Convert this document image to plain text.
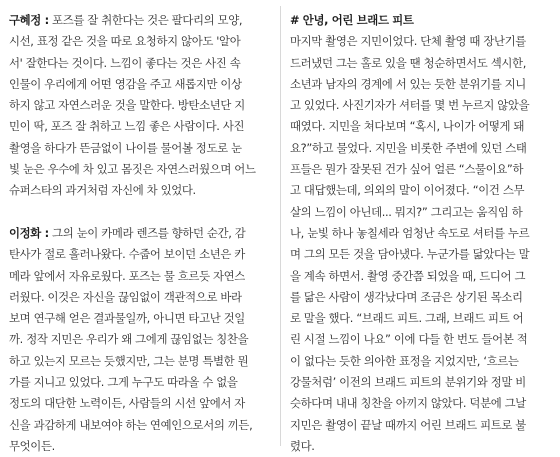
구혜정 : 포즈를 잘 취한다는 것은 팔다리의 모양,
시선, 표정 같은 것을 따로 요청하지 않아도 '알아
서' 잘한다는 것이다. 느낌이 좋다는 것은 사진 속
인물이 우리에게 어떤 영감을 주고 새롭지만 이상
하지 않고 자연스러운 것을 말한다. 방탄소년단 지
민이 딱, 포즈 잘 취하고 느낌 좋은 사람이다. 사진
촬영을 하다가 뜬금없이 나이를 물어볼 정도로 눈
빛 눈은 우수에 차 있고 몸짓은 자연스러웠으며 어느
슈퍼스타의 과거처럼 자신에 차 있었다.
이정화 : 그의 눈이 카메라 렌즈를 향하던 순간, 감
탄사가 절로 흘러나왔다. 수줍어 보이던 소년은 카
메라 앞에서 자유로웠다. 포즈는 물 흐르듯 자연스
러웠다. 이것은 자신을 끊임없이 객관적으로 바라
보며 연구해 얻은 결과물일까, 아니면 타고난 것일
까. 정작 지민은 우리가 왜 그에게 끊임없는 칭찬을
하고 있는지 모르는 듯했지만, 그는 분명 특별한 뭔
가를 지니고 있었다. 그게 누구도 따라올 수 없을
정도의 대단한 노력이든, 사람들의 시선 앞에서 자
신을 과감하게 내보여야 하는 연예인으로서의 끼든,
무엇이든.
# 안녕, 어린 브래드 피트
마지막 촬영은 지민이었다. 단체 촬영 때 장난기를
드러냈던 그는 홀로 있을 땐 청순하면서도 섹시한,
소년과 남자의 경계에 서 있는 듯한 분위기를 지니
고 있었다. 사진기자가 셔터를 몇 번 누르지 않았을
때였다. 지민을 쳐다보며 “혹시, 나이가 어떻게 돼
요?”하고 물었다. 지민을 비롯한 주변에 있던 스태
프들은 뭔가 잘못된 건가 싶어 얼른 “스물이요”하
고 대답했는데, 의외의 말이 이어졌다. “이건 스무
살의 느낌이 아닌데... 뭐지?” 그리고는 움직임 하
나, 눈빛 하나 놓칠세라 엄청난 속도로 셔터를 누르
며 그의 모든 것을 담아냈다. 누군가를 닮았다는 말
을 계속 하면서. 촬영 중간쯤 되었을 때, 드디어 그
를 닮은 사람이 생각났다며 조금은 상기된 목소리
로 말을 했다. “브래드 피트. 그래, 브래드 피트 어
린 시절 느낌이 나요” 이에 다들 한 번도 들어본 적
이 없다는 듯한 의아한 표정을 지었지만, ‘흐르는
강물처럼’ 이전의 브래드 피트의 분위기와 정말 비
슷하다며 내내 칭찬을 아끼지 않았다. 덕분에 그날
지민은 촬영이 끝날 때까지 어린 브래드 피트로 불
렸다.
